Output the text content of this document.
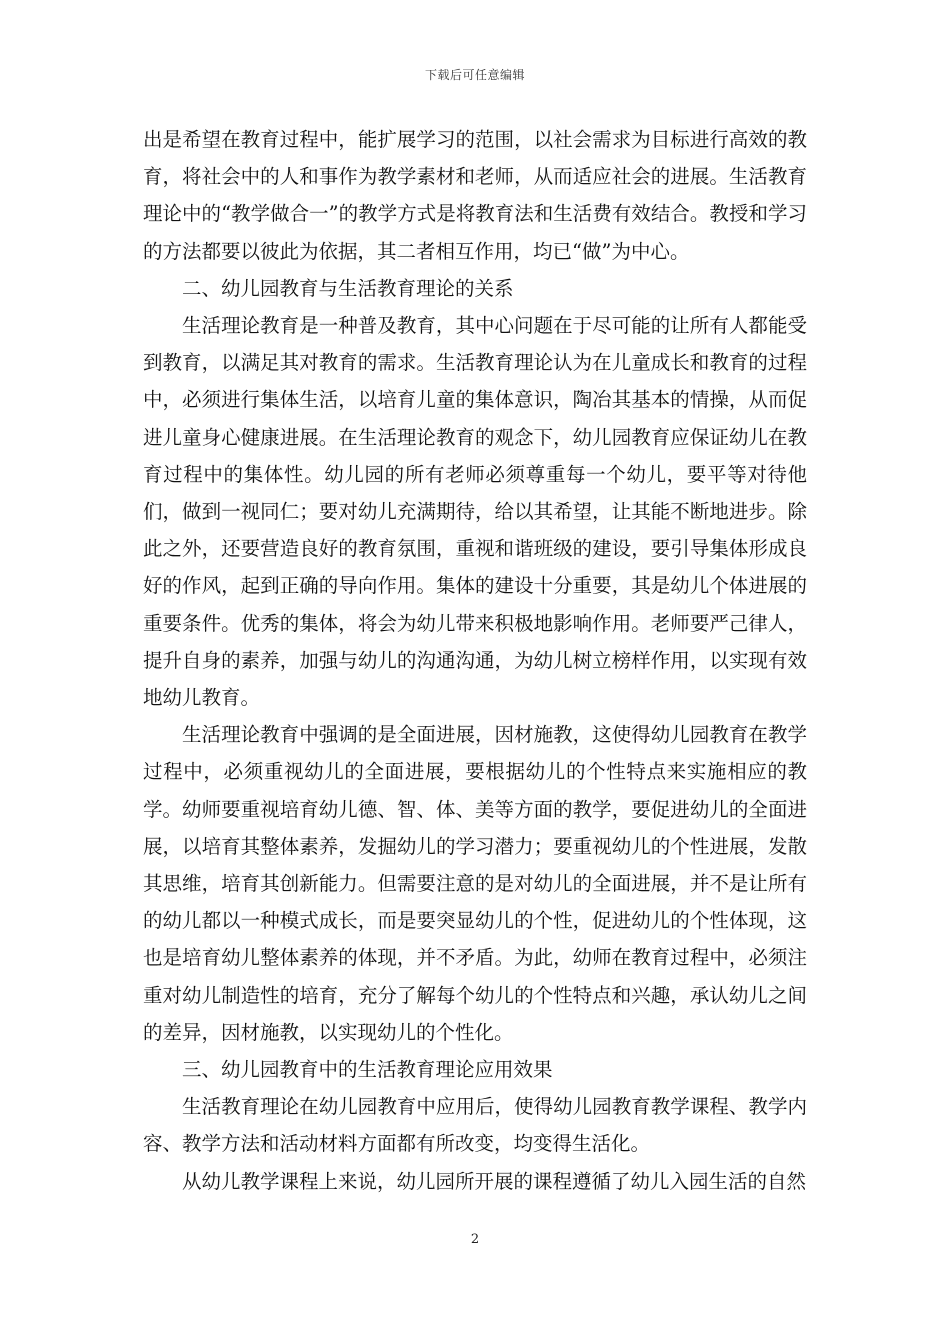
下载后可任意编辑

出是希望在教育过程中，能扩展学习的范围，以社会需求为目标进行高效的教育，将社会中的人和事作为教学素材和老师，从而适应社会的进展。生活教育理论中的“教学做合一”的教学方式是将教育法和生活费有效结合。教授和学习的方法都要以彼此为依据，其二者相互作用，均已“做”为中心。

二、幼儿园教育与生活教育理论的关系

生活理论教育是一种普及教育，其中心问题在于尽可能的让所有人都能受到教育，以满足其对教育的需求。生活教育理论认为在儿童成长和教育的过程中，必须进行集体生活，以培育儿童的集体意识，陶冶其基本的情操，从而促进儿童身心健康进展。在生活理论教育的观念下，幼儿园教育应保证幼儿在教育过程中的集体性。幼儿园的所有老师必须尊重每一个幼儿，要平等对待他们，做到一视同仁；要对幼儿充满期待，给以其希望，让其能不断地进步。除此之外，还要营造良好的教育氛围，重视和谐班级的建设，要引导集体形成良好的作风，起到正确的导向作用。集体的建设十分重要，其是幼儿个体进展的重要条件。优秀的集体，将会为幼儿带来积极地影响作用。老师要严己律人，提升自身的素养，加强与幼儿的沟通沟通，为幼儿树立榜样作用，以实现有效地幼儿教育。

生活理论教育中强调的是全面进展，因材施教，这使得幼儿园教育在教学过程中，必须重视幼儿的全面进展，要根据幼儿的个性特点来实施相应的教学。幼师要重视培育幼儿德、智、体、美等方面的教学，要促进幼儿的全面进展，以培育其整体素养，发掘幼儿的学习潜力；要重视幼儿的个性进展，发散其思维，培育其创新能力。但需要注意的是对幼儿的全面进展，并不是让所有的幼儿都以一种模式成长，而是要突显幼儿的个性，促进幼儿的个性体现，这也是培育幼儿整体素养的体现，并不矛盾。为此，幼师在教育过程中，必须注重对幼儿制造性的培育，充分了解每个幼儿的个性特点和兴趣，承认幼儿之间的差异，因材施教，以实现幼儿的个性化。

三、幼儿园教育中的生活教育理论应用效果

生活教育理论在幼儿园教育中应用后，使得幼儿园教育教学课程、教学内容、教学方法和活动材料方面都有所改变，均变得生活化。

从幼儿教学课程上来说，幼儿园所开展的课程遵循了幼儿入园生活的自然

2
